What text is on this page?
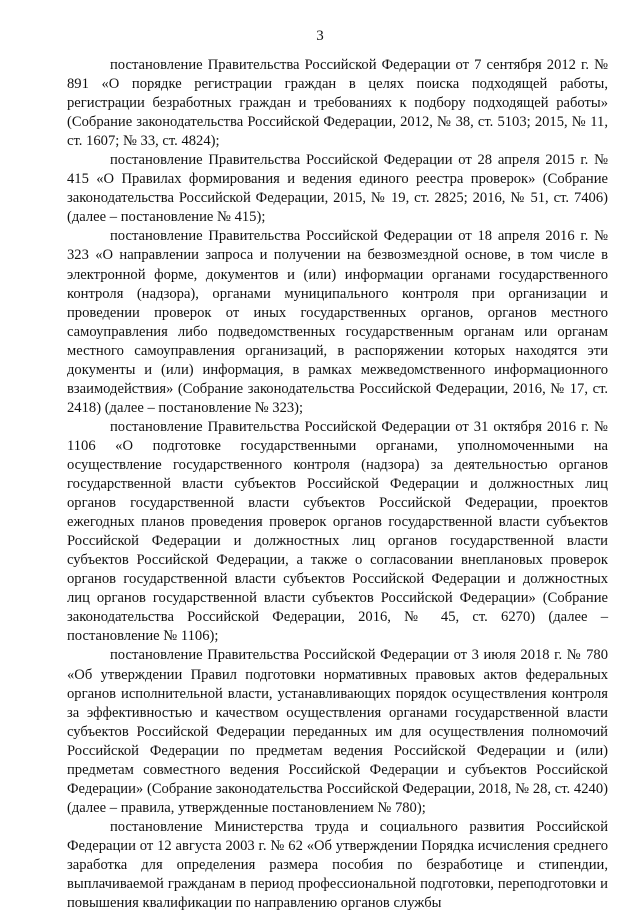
3

постановление Правительства Российской Федерации от 7 сентября 2012 г. № 891 «О порядке регистрации граждан в целях поиска подходящей работы, регистрации безработных граждан и требованиях к подбору подходящей работы» (Собрание законодательства Российской Федерации, 2012, № 38, ст. 5103; 2015, № 11, ст. 1607; № 33, ст. 4824);

постановление Правительства Российской Федерации от 28 апреля 2015 г. № 415 «О Правилах формирования и ведения единого реестра проверок» (Собрание законодательства Российской Федерации, 2015, № 19, ст. 2825; 2016, № 51, ст. 7406) (далее – постановление № 415);

постановление Правительства Российской Федерации от 18 апреля 2016 г. № 323 «О направлении запроса и получении на безвозмездной основе, в том числе в электронной форме, документов и (или) информации органами государственного контроля (надзора), органами муниципального контроля при организации и проведении проверок от иных государственных органов, органов местного самоуправления либо подведомственных государственным органам или органам местного самоуправления организаций, в распоряжении которых находятся эти документы и (или) информация, в рамках межведомственного информационного взаимодействия» (Собрание законодательства Российской Федерации, 2016, № 17, ст. 2418) (далее – постановление № 323);

постановление Правительства Российской Федерации от 31 октября 2016 г. № 1106 «О подготовке государственными органами, уполномоченными на осуществление государственного контроля (надзора) за деятельностью органов государственной власти субъектов Российской Федерации и должностных лиц органов государственной власти субъектов Российской Федерации, проектов ежегодных планов проведения проверок органов государственной власти субъектов Российской Федерации и должностных лиц органов государственной власти субъектов Российской Федерации, а также о согласовании внеплановых проверок органов государственной власти субъектов Российской Федерации и должностных лиц органов государственной власти субъектов Российской Федерации» (Собрание законодательства Российской Федерации, 2016, № 45, ст. 6270) (далее – постановление № 1106);

постановление Правительства Российской Федерации от 3 июля 2018 г. № 780 «Об утверждении Правил подготовки нормативных правовых актов федеральных органов исполнительной власти, устанавливающих порядок осуществления контроля за эффективностью и качеством осуществления органами государственной власти субъектов Российской Федерации переданных им для осуществления полномочий Российской Федерации по предметам ведения Российской Федерации и (или) предметам совместного ведения Российской Федерации и субъектов Российской Федерации» (Собрание законодательства Российской Федерации, 2018, № 28, ст. 4240) (далее – правила, утвержденные постановлением № 780);

постановление Министерства труда и социального развития Российской Федерации от 12 августа 2003 г. № 62 «Об утверждении Порядка исчисления среднего заработка для определения размера пособия по безработице и стипендии, выплачиваемой гражданам в период профессиональной подготовки, переподготовки и повышения квалификации по направлению органов службы
